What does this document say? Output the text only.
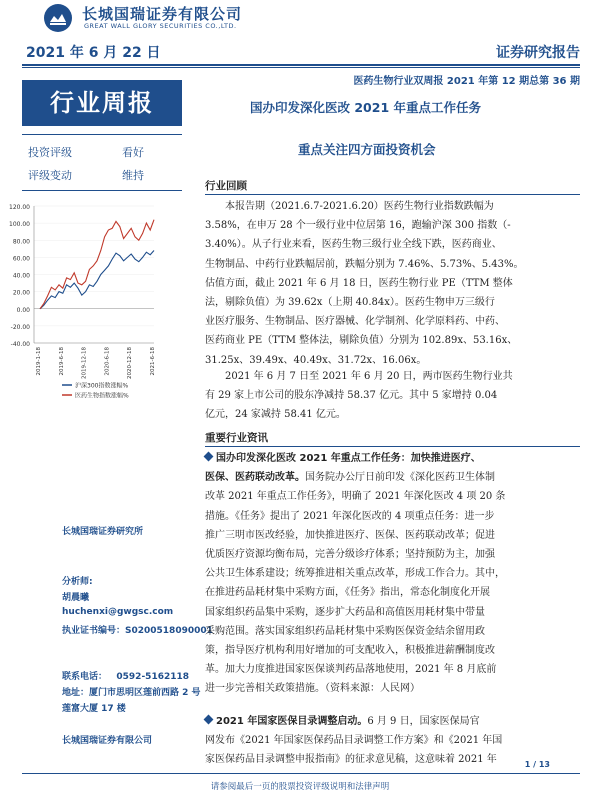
长城国瑞证券有限公司
GREAT WALL GLORY SECURITIES CO.,LTD.
2021 年 6 月 22 日	证券研究报告
医药生物行业双周报 2021 年第 12 期总第 36 期
行业周报
投资评级	看好
评级变动	维持
-40.00
-20.00
0.00
20.00
40.00
60.00
80.00
100.00
120.00
2019-1-18	2019-6-18	2019-12-18	2020-6-18	2020-12-18	2021-6-18
沪深300指数涨幅%
医药生物指数涨幅%
长城国瑞证券研究所
分析师:
胡晨曦
huchenxi@gwgsc.com
执业证书编号：S0200518090001
联系电话：   0592-5162118
地址：厦门市思明区莲前西路 2 号
莲富大厦 17 楼
长城国瑞证券有限公司
国办印发深化医改 2021 年重点工作任务
重点关注四方面投资机会
行业回顾
本报告期（2021.6.7-2021.6.20）医药生物行业指数跌幅为
3.58%，在申万 28 个一级行业中位居第 16，跑输沪深 300 指数（-
3.40%）。从子行业来看，医药生物三级行业全线下跌，医药商业、
生物制品、中药行业跌幅居前，跌幅分别为 7.46%、5.73%、5.43%。
估值方面，截止 2021 年 6 月 18 日，医药生物行业 PE（TTM 整体
法，剔除负值）为 39.62x（上期 40.84x）。医药生物申万三级行
业医疗服务、生物制品、医疗器械、化学制剂、化学原料药、中药、
医药商业 PE（TTM 整体法，剔除负值）分别为 102.89x、53.16x、
31.25x、39.49x、40.49x、31.72x、16.06x。
2021 年 6 月 7 日至 2021 年 6 月 20 日，两市医药生物行业共
有 29 家上市公司的股东净减持 58.37 亿元。其中 5 家增持 0.04
亿元，24 家减持 58.41 亿元。
重要行业资讯
国办印发深化医改 2021 年重点工作任务：加快推进医疗、
医保、医药联动改革。国务院办公厅日前印发《深化医药卫生体制
改革 2021 年重点工作任务》，明确了 2021 年深化医改 4 项 20 条
措施。《任务》提出了 2021 年深化医改的 4 项重点任务：进一步
推广三明市医改经验，加快推进医疗、医保、医药联动改革；促进
优质医疗资源均衡布局，完善分级诊疗体系；坚持预防为主，加强
公共卫生体系建设；统筹推进相关重点改革，形成工作合力。其中，
在推进药品耗材集中采购方面，《任务》指出，常态化制度化开展
国家组织药品集中采购，逐步扩大药品和高值医用耗材集中带量
采购范围。落实国家组织药品耗材集中采购医保资金结余留用政
策，指导医疗机构利用好增加的可支配收入，积极推进薪酬制度改
革。加大力度推进国家医保谈判药品落地使用，2021 年 8 月底前
进一步完善相关政策措施。（资料来源：人民网）
2021 年国家医保目录调整启动。6 月 9 日，国家医保局官
网发布《2021 年国家医保药品目录调整工作方案》和《2021 年国
家医保药品目录调整申报指南》的征求意见稿，这意味着 2021 年	1 / 13
请参阅最后一页的股票投资评级说明和法律声明
